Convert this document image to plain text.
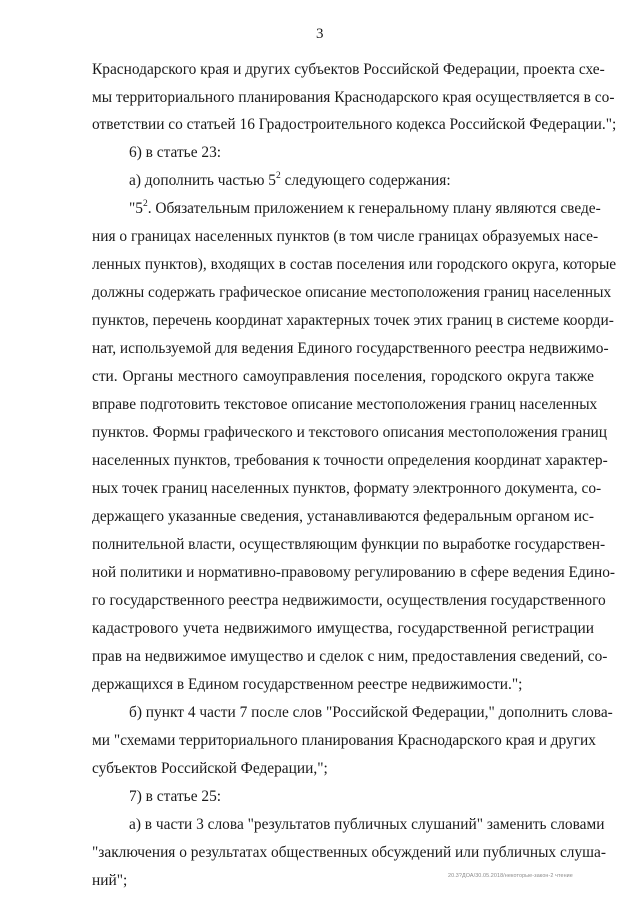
3
Краснодарского края и других субъектов Российской Федерации, проекта схе-
мы территориального планирования Краснодарского края осуществляется в со-
ответствии со статьей 16 Градостроительного кодекса Российской Федерации.";
6) в статье 23:
а) дополнить частью $5^2$ следующего содержания:
"$5^2$. Обязательным приложением к генеральному плану являются сведе-
ния о границах населенных пунктов (в том числе границах образуемых насе-
ленных пунктов), входящих в состав поселения или городского округа, которые
должны содержать графическое описание местоположения границ населенных
пунктов, перечень координат характерных точек этих границ в системе коорди-
нат, используемой для ведения Единого государственного реестра недвижимо-
сти. Органы местного самоуправления поселения, городского округа также
вправе подготовить текстовое описание местоположения границ населенных
пунктов. Формы графического и текстового описания местоположения границ
населенных пунктов, требования к точности определения координат характер-
ных точек границ населенных пунктов, формату электронного документа, со-
держащего указанные сведения, устанавливаются федеральным органом ис-
полнительной власти, осуществляющим функции по выработке государствен-
ной политики и нормативно-правовому регулированию в сфере ведения Едино-
го государственного реестра недвижимости, осуществления государственного
кадастрового учета недвижимого имущества, государственной регистрации
прав на недвижимое имущество и сделок с ним, предоставления сведений, со-
держащихся в Едином государственном реестре недвижимости.";
б) пункт 4 части 7 после слов "Российской Федерации," дополнить слова-
ми "схемами территориального планирования Краснодарского края и других
субъектов Российской Федерации,";
7) в статье 25:
а) в части 3 слова "результатов публичных слушаний" заменить словами
"заключения о результатах общественных обсуждений или публичных слуша-
ний";	20.3?ДОА/30.05.2018/некоторые-закон-2 чтение
